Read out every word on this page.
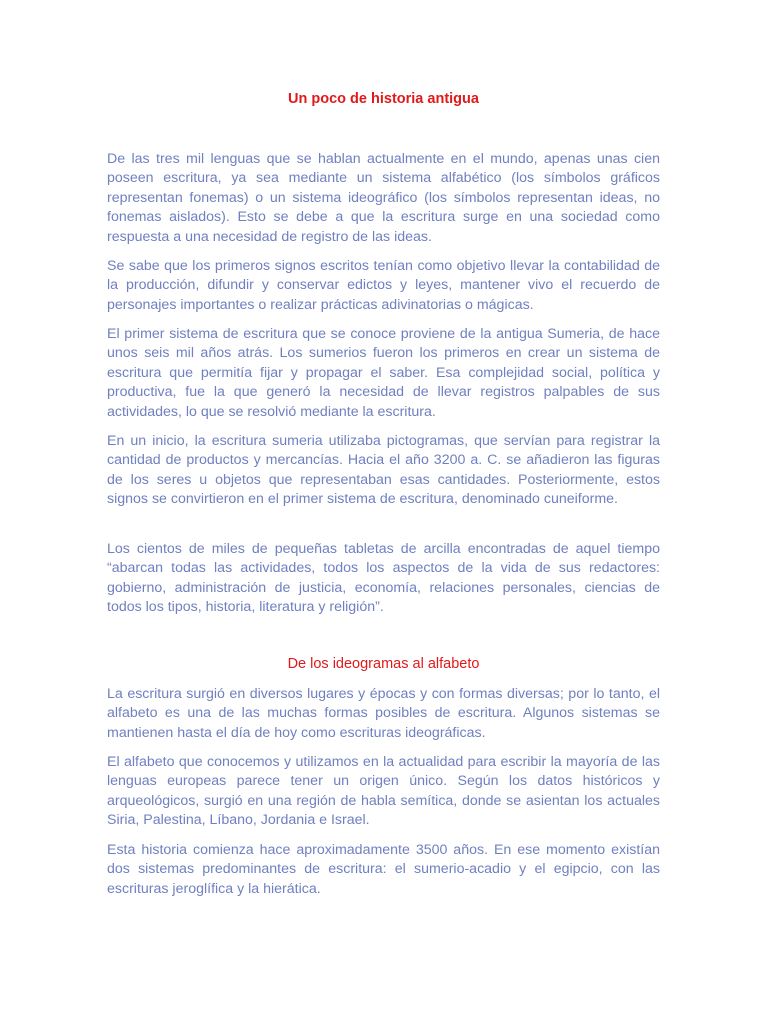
Un poco de historia antigua

De las tres mil lenguas que se hablan actualmente en el mundo, apenas unas cien poseen escritura, ya sea mediante un sistema alfabético (los símbolos gráficos representan fonemas) o un sistema ideográfico (los símbolos representan ideas, no fonemas aislados). Esto se debe a que la escritura surge en una sociedad como respuesta a una necesidad de registro de las ideas.

Se sabe que los primeros signos escritos tenían como objetivo llevar la contabilidad de la producción, difundir y conservar edictos y leyes, mantener vivo el recuerdo de personajes importantes o realizar prácticas adivinatorias o mágicas.

El primer sistema de escritura que se conoce proviene de la antigua Sumeria, de hace unos seis mil años atrás. Los sumerios fueron los primeros en crear un sistema de escritura que permitía fijar y propagar el saber. Esa complejidad social, política y productiva, fue la que generó la necesidad de llevar registros palpables de sus actividades, lo que se resolvió mediante la escritura.

En un inicio, la escritura sumeria utilizaba pictogramas, que servían para registrar la cantidad de productos y mercancías. Hacia el año 3200 a. C. se añadieron las figuras de los seres u objetos que representaban esas cantidades. Posteriormente, estos signos se convirtieron en el primer sistema de escritura, denominado cuneiforme.

Los cientos de miles de pequeñas tabletas de arcilla encontradas de aquel tiempo “abarcan todas las actividades, todos los aspectos de la vida de sus redactores: gobierno, administración de justicia, economía, relaciones personales, ciencias de todos los tipos, historia, literatura y religión”.

De los ideogramas al alfabeto

La escritura surgió en diversos lugares y épocas y con formas diversas; por lo tanto, el alfabeto es una de las muchas formas posibles de escritura. Algunos sistemas se mantienen hasta el día de hoy como escrituras ideográficas.

El alfabeto que conocemos y utilizamos en la actualidad para escribir la mayoría de las lenguas europeas parece tener un origen único. Según los datos históricos y arqueológicos, surgió en una región de habla semítica, donde se asientan los actuales Siria, Palestina, Líbano, Jordania e Israel.

Esta historia comienza hace aproximadamente 3500 años. En ese momento existían dos sistemas predominantes de escritura: el sumerio-acadio y el egipcio, con las escrituras jeroglífica y la hierática.
